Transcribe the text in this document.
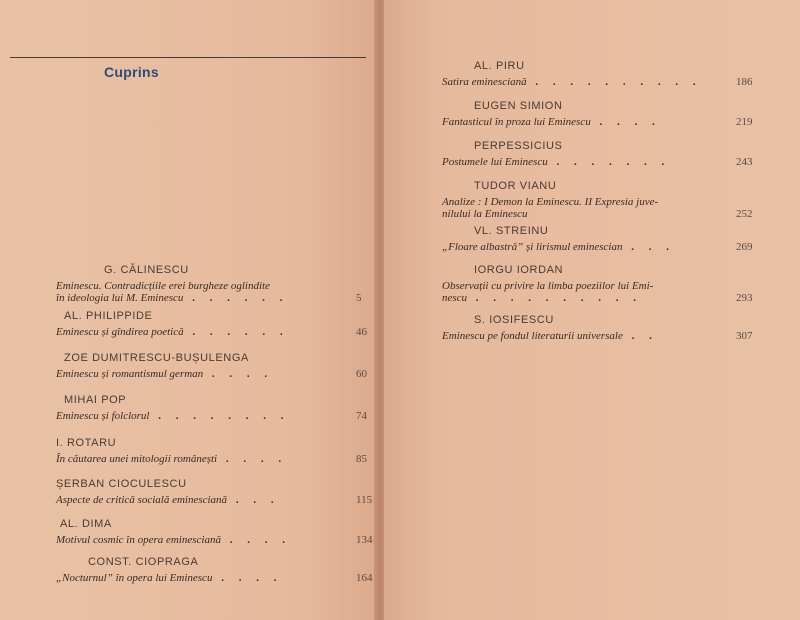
Cuprins
G. CĂLINESCU
Eminescu. Contradicțiile erei burgheze oglindite
în ideologia lui M. Eminescu . . . . . .	5
AL. PHILIPPIDE
Eminescu și gîndirea poetică . . . . . .	46
ZOE DUMITRESCU-BUȘULENGA
Eminescu și romantismul german . . . .	60
MIHAI POP
Eminescu și folclorul . . . . . . . .	74
I. ROTARU
În căutarea unei mitologii românești . . . .	85
ȘERBAN CIOCULESCU
Aspecte de critică socială eminesciană . . .	115
AL. DIMA
Motivul cosmic în opera eminesciană . . . .	134
CONST. CIOPRAGA
„Nocturnul” în opera lui Eminescu . . . .	164
AL. PIRU
Satira eminesciană . . . . . . . . . .	186
EUGEN SIMION
Fantasticul în proza lui Eminescu . . . .	219
PERPESSICIUS
Postumele lui Eminescu . . . . . . .	243
TUDOR VIANU
Analize : I Demon la Eminescu. II Expresia juve-
nilului la Eminescu	252
VL. STREINU
„Floare albastră” și lirismul eminescian . . .	269
IORGU IORDAN
Observații cu privire la limba poeziilor lui Emi-
nescu . . . . . . . . . .	293
S. IOSIFESCU
Eminescu pe fondul literaturii universale . .	307
